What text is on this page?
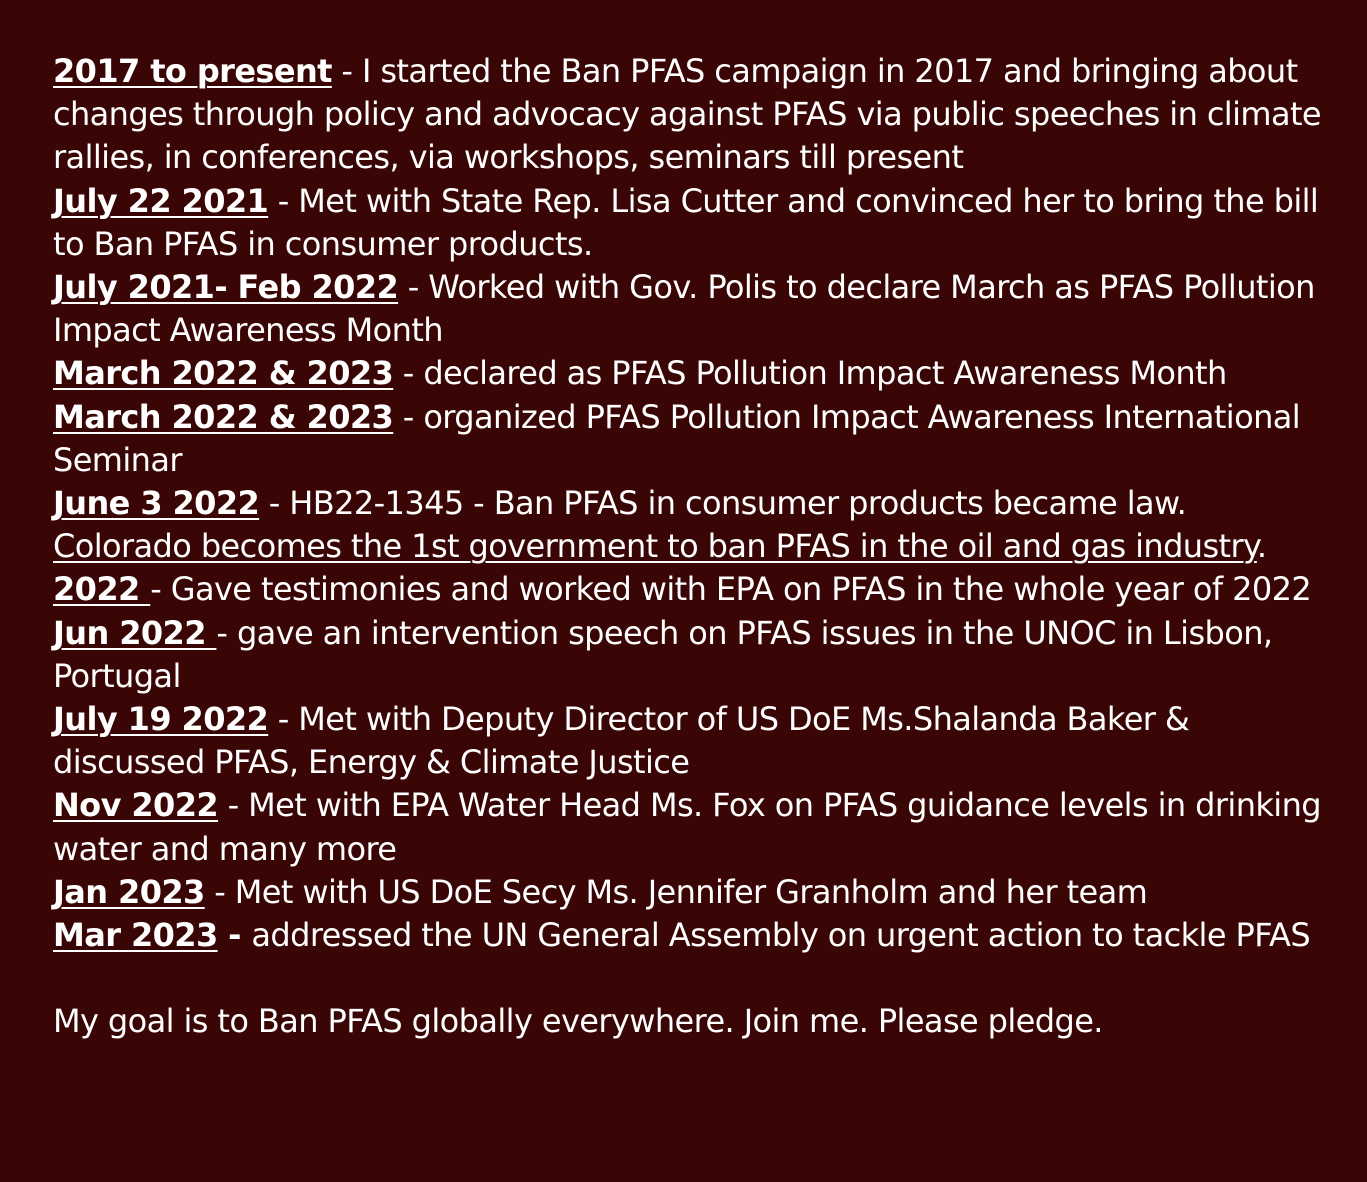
2017 to present - I started the Ban PFAS campaign in 2017 and bringing about changes through policy and advocacy against PFAS via public speeches in climate rallies, in conferences, via workshops, seminars till present

July 22 2021 - Met with State Rep. Lisa Cutter and convinced her to bring the bill to Ban PFAS in consumer products.

July 2021- Feb 2022 - Worked with Gov. Polis to declare March as PFAS Pollution Impact Awareness Month

March 2022 & 2023 - declared as PFAS Pollution Impact Awareness Month

March 2022 & 2023 - organized PFAS Pollution Impact Awareness International Seminar

June 3 2022 - HB22-1345 - Ban PFAS in consumer products became law. Colorado becomes the 1st government to ban PFAS in the oil and gas industry.

2022 - Gave testimonies and worked with EPA on PFAS in the whole year of 2022

Jun 2022 - gave an intervention speech on PFAS issues in the UNOC in Lisbon, Portugal

July 19 2022 - Met with Deputy Director of US DoE Ms.Shalanda Baker & discussed PFAS, Energy & Climate Justice

Nov 2022 - Met with EPA Water Head Ms. Fox on PFAS guidance levels in drinking water and many more

Jan 2023 - Met with US DoE Secy Ms. Jennifer Granholm and her team

Mar 2023 - addressed the UN General Assembly on urgent action to tackle PFAS

My goal is to Ban PFAS globally everywhere. Join me. Please pledge.
